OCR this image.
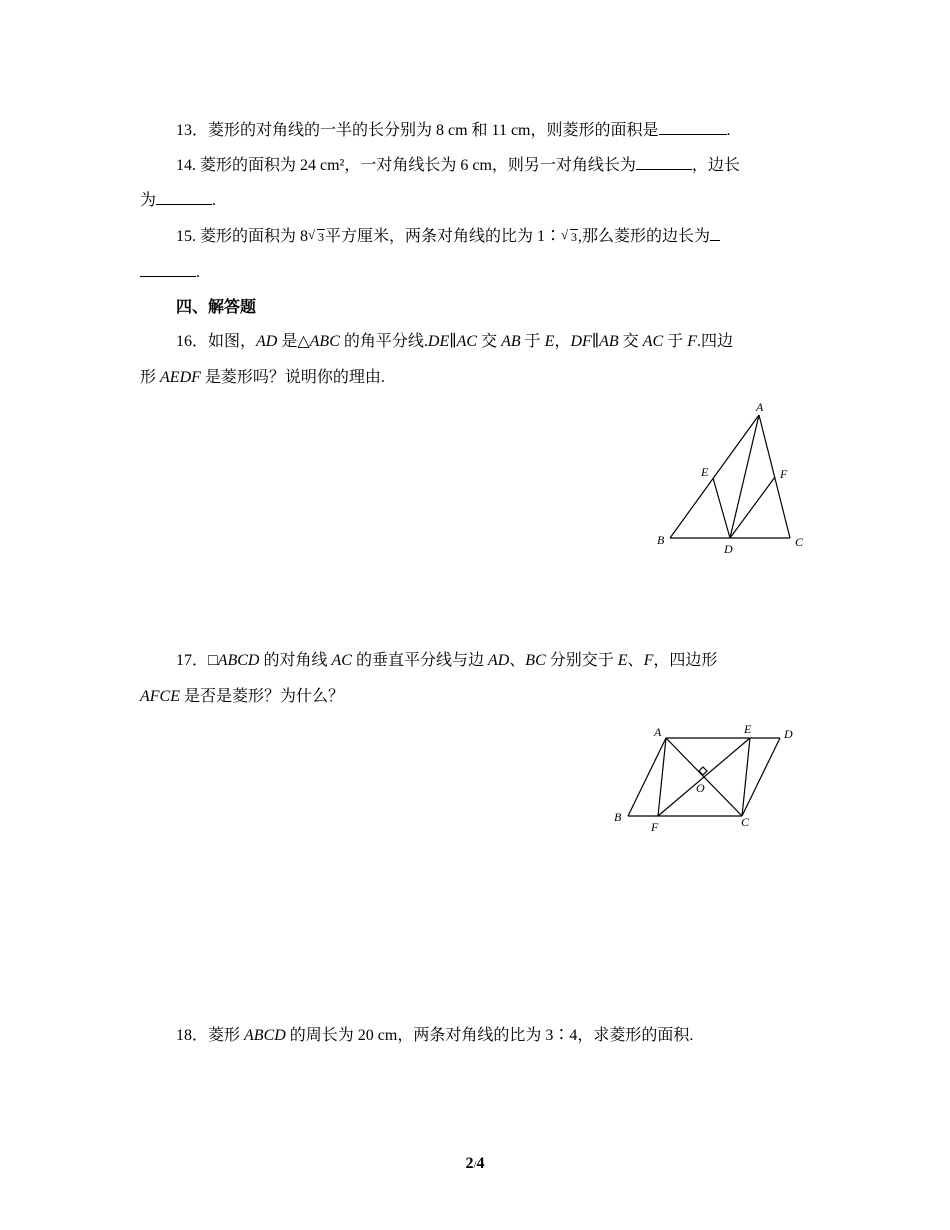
13．菱形的对角线的一半的长分别为 8 cm 和 11 cm，则菱形的面积是	.
14. 菱形的面积为 24 cm²，一对角线长为 6 cm，则另一对角线长为	，边长
为	.
15. 菱形的面积为 8 √ 3平方厘米，两条对角线的比为 1∶ √ 3,那么菱形的边长为
.
四、解答题
16．如图，AD 是△ABC 的角平分线.DE∥AC 交 AB 于 E，DF∥AB 交 AC 于 F.四边
形 AEDF 是菱形吗？说明你的理由.
A
B	C
D
E	F
17．□ABCD 的对角线 AC 的垂直平分线与边 AD、BC 分别交于 E、F，四边形
AFCE 是否是菱形？为什么？
A	E	D
B
F	C
O
18．菱形 ABCD 的周长为 20 cm，两条对角线的比为 3∶4，求菱形的面积.
2/4
